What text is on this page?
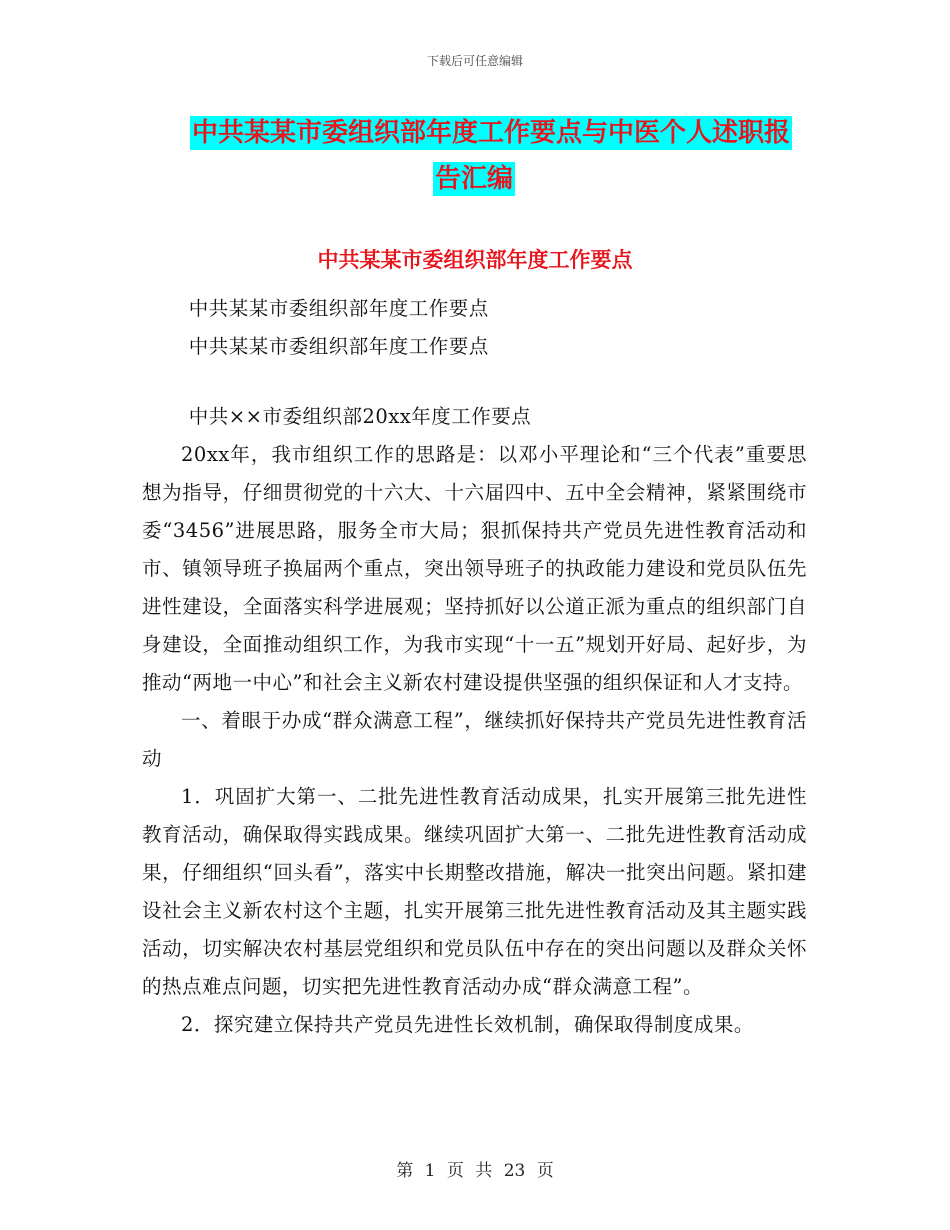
下载后可任意编辑
中共某某市委组织部年度工作要点与中医个人述职报
告汇编
中共某某市委组织部年度工作要点

中共某某市委组织部年度工作要点

中共某某市委组织部年度工作要点

中共××市委组织部20xx年度工作要点

20xx年，我市组织工作的思路是：以邓小平理论和“三个代表”重要思想为指导，仔细贯彻党的十六大、十六届四中、五中全会精神，紧紧围绕市委“3456”进展思路，服务全市大局；狠抓保持共产党员先进性教育活动和市、镇领导班子换届两个重点，突出领导班子的执政能力建设和党员队伍先进性建设，全面落实科学进展观；坚持抓好以公道正派为重点的组织部门自身建设，全面推动组织工作，为我市实现“十一五”规划开好局、起好步，为推动“两地一中心”和社会主义新农村建设提供坚强的组织保证和人才支持。

一、着眼于办成“群众满意工程”，继续抓好保持共产党员先进性教育活动

1．巩固扩大第一、二批先进性教育活动成果，扎实开展第三批先进性教育活动，确保取得实践成果。继续巩固扩大第一、二批先进性教育活动成果，仔细组织“回头看”，落实中长期整改措施，解决一批突出问题。紧扣建设社会主义新农村这个主题，扎实开展第三批先进性教育活动及其主题实践活动，切实解决农村基层党组织和党员队伍中存在的突出问题以及群众关怀的热点难点问题，切实把先进性教育活动办成“群众满意工程”。

2．探究建立保持共产党员先进性长效机制，确保取得制度成果。

第 1 页 共 23 页
